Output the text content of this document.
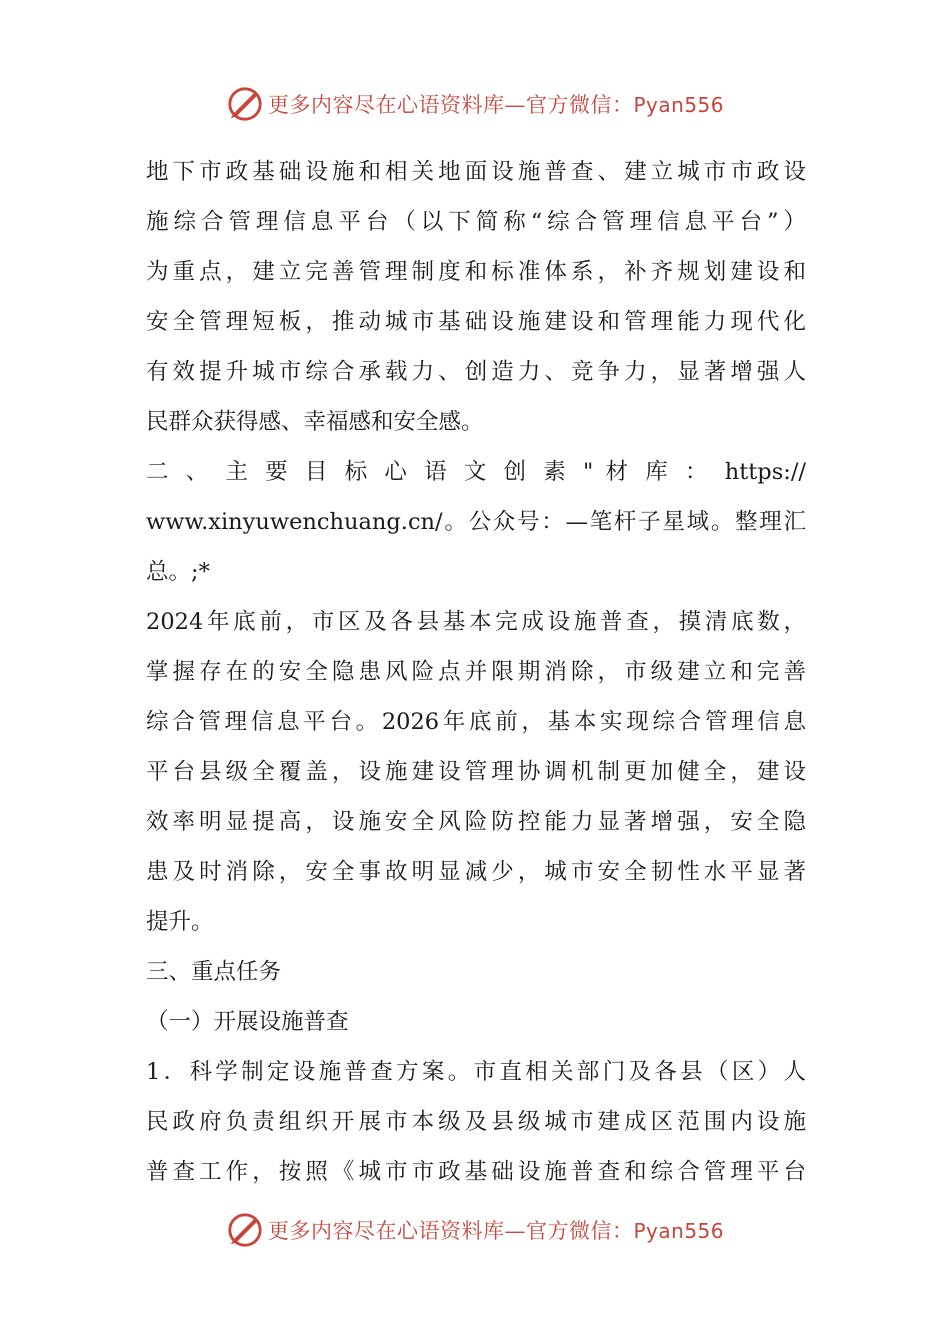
更多内容尽在心语资料库—官方微信：Pyan556
地下市政基础设施和相关地面设施普查、建立城市市政设
施综合管理信息平台（以下简称“综合管理信息平台”）
为重点，建立完善管理制度和标准体系，补齐规划建设和
安全管理短板，推动城市基础设施建设和管理能力现代化
有效提升城市综合承载力、创造力、竞争力，显著增强人
民群众获得感、幸福感和安全感。
二 、 主 要 目 标 心 语 文 创 素 " 材 库 ： https://
www.xinyuwenchuang.cn/。公众号：—笔杆子星域。整理汇
总。;*
2024年底前，市区及各县基本完成设施普查，摸清底数，
掌握存在的安全隐患风险点并限期消除，市级建立和完善
综合管理信息平台。2026年底前，基本实现综合管理信息
平台县级全覆盖，设施建设管理协调机制更加健全，建设
效率明显提高，设施安全风险防控能力显著增强，安全隐
患及时消除，安全事故明显减少，城市安全韧性水平显著
提升。
三、重点任务
（一）开展设施普查
1．科学制定设施普查方案。市直相关部门及各县（区）人
民政府负责组织开展市本级及县级城市建成区范围内设施
普查工作，按照《城市市政基础设施普查和综合管理平台
更多内容尽在心语资料库—官方微信：Pyan556
